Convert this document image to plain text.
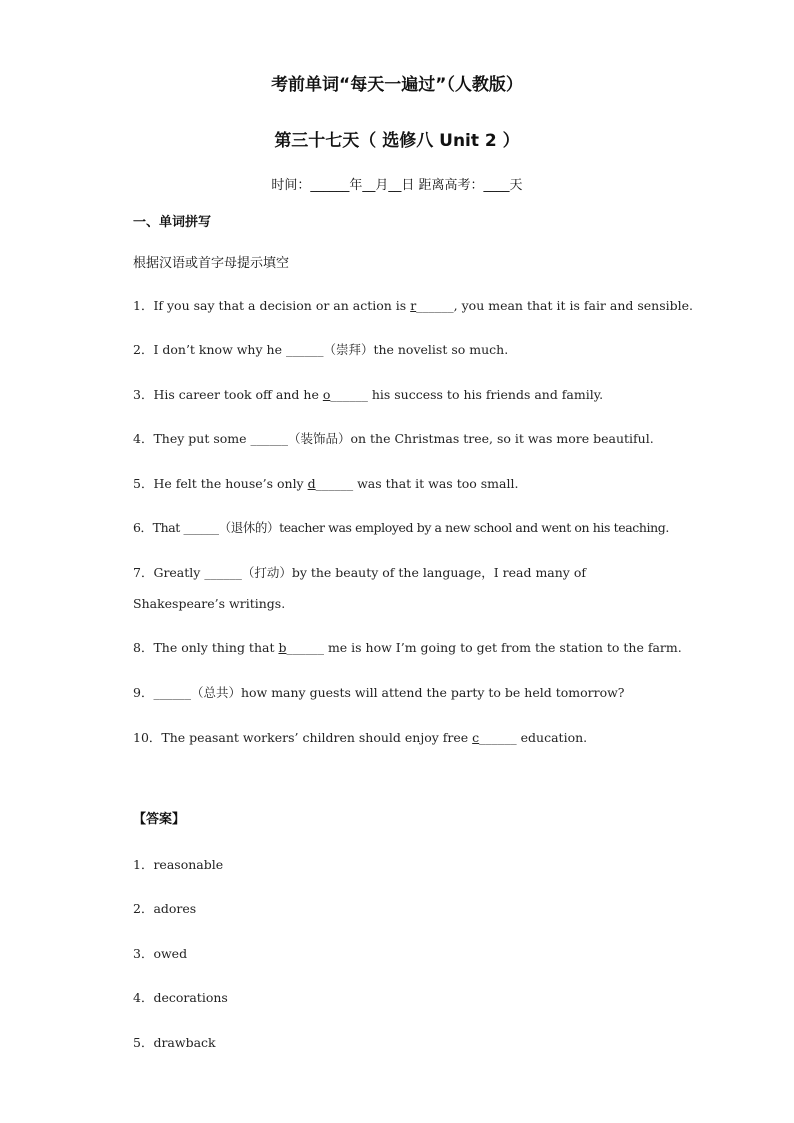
考前单词“每天一遍过”（人教版）
第三十七天（ 选修八 Unit 2 ）
时间：______年__月__日 距离高考：____天
一、单词拼写
根据汉语或首字母提示填空
1．If you say that a decision or an action is r______, you mean that it is fair and sensible.
2．I don’t know why he ______（崇拜）the novelist so much.
3．His career took off and he o______ his success to his friends and family.
4．They put some ______（装饰品）on the Christmas tree, so it was more beautiful.
5．He felt the house’s only d______ was that it was too small.
6．That ______（退休的）teacher was employed by a new school and went on his teaching.
7．Greatly ______（打动）by the beauty of the language，I read many of Shakespeare’s writings.
8．The only thing that b______ me is how I’m going to get from the station to the farm.
9．______（总共）how many guests will attend the party to be held tomorrow?
10．The peasant workers’ children should enjoy free c______ education.
【答案】
1．reasonable
2．adores
3．owed
4．decorations
5．drawback
